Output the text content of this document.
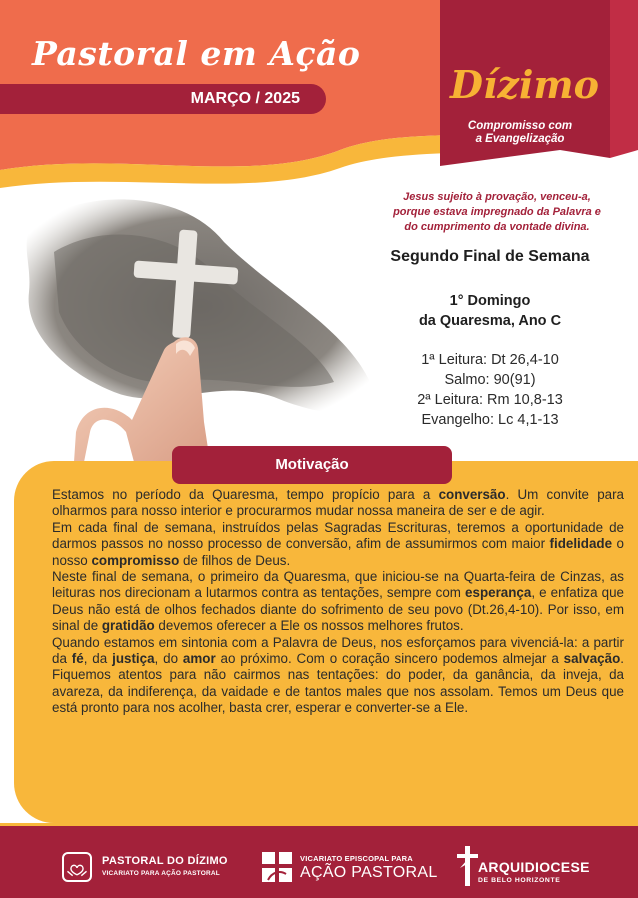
Pastoral em Ação
MARÇO / 2025	Dízimo
Compromisso com
a Evangelização
Jesus sujeito à provação, venceu-a,
porque estava impregnado da Palavra e
do cumprimento da vontade divina.
Segundo Final de Semana
1° Domingo
da Quaresma, Ano C
1ª Leitura: Dt 26,4-10
Salmo: 90(91)
2ª Leitura: Rm 10,8-13
Evangelho: Lc 4,1-13
Motivação

Estamos no período da Quaresma, tempo propício para a conversão. Um convite para olharmos para nosso interior e procurarmos mudar nossa maneira de ser e de agir.

Em cada final de semana, instruídos pelas Sagradas Escrituras, teremos a oportunidade de darmos passos no nosso processo de conversão, afim de assumirmos com maior fidelidade o nosso compromisso de filhos de Deus.

Neste final de semana, o primeiro da Quaresma, que iniciou-se na Quarta-feira de Cinzas, as leituras nos direcionam a lutarmos contra as tentações, sempre com esperança, e enfatiza que Deus não está de olhos fechados diante do sofrimento de seu povo (Dt.26,4-10). Por isso, em sinal de gratidão devemos oferecer a Ele os nossos melhores frutos.

Quando estamos em sintonia com a Palavra de Deus, nos esforçamos para vivenciá-la: a partir da fé, da justiça, do amor ao próximo. Com o coração sincero podemos almejar a salvação. Fiquemos atentos para não cairmos nas tentações: do poder, da ganância, da inveja, da avareza, da indiferença, da vaidade e de tantos males que nos assolam. Temos um Deus que está pronto para nos acolher, basta crer, esperar e converter-se a Ele.

PASTORAL DO DÍZIMO
VICARIATO PARA AÇÃO PASTORAL
VICARIATO EPISCOPAL PARA
AÇÃO PASTORAL	ARQUIDIOCESE
DE BELO HORIZONTE
